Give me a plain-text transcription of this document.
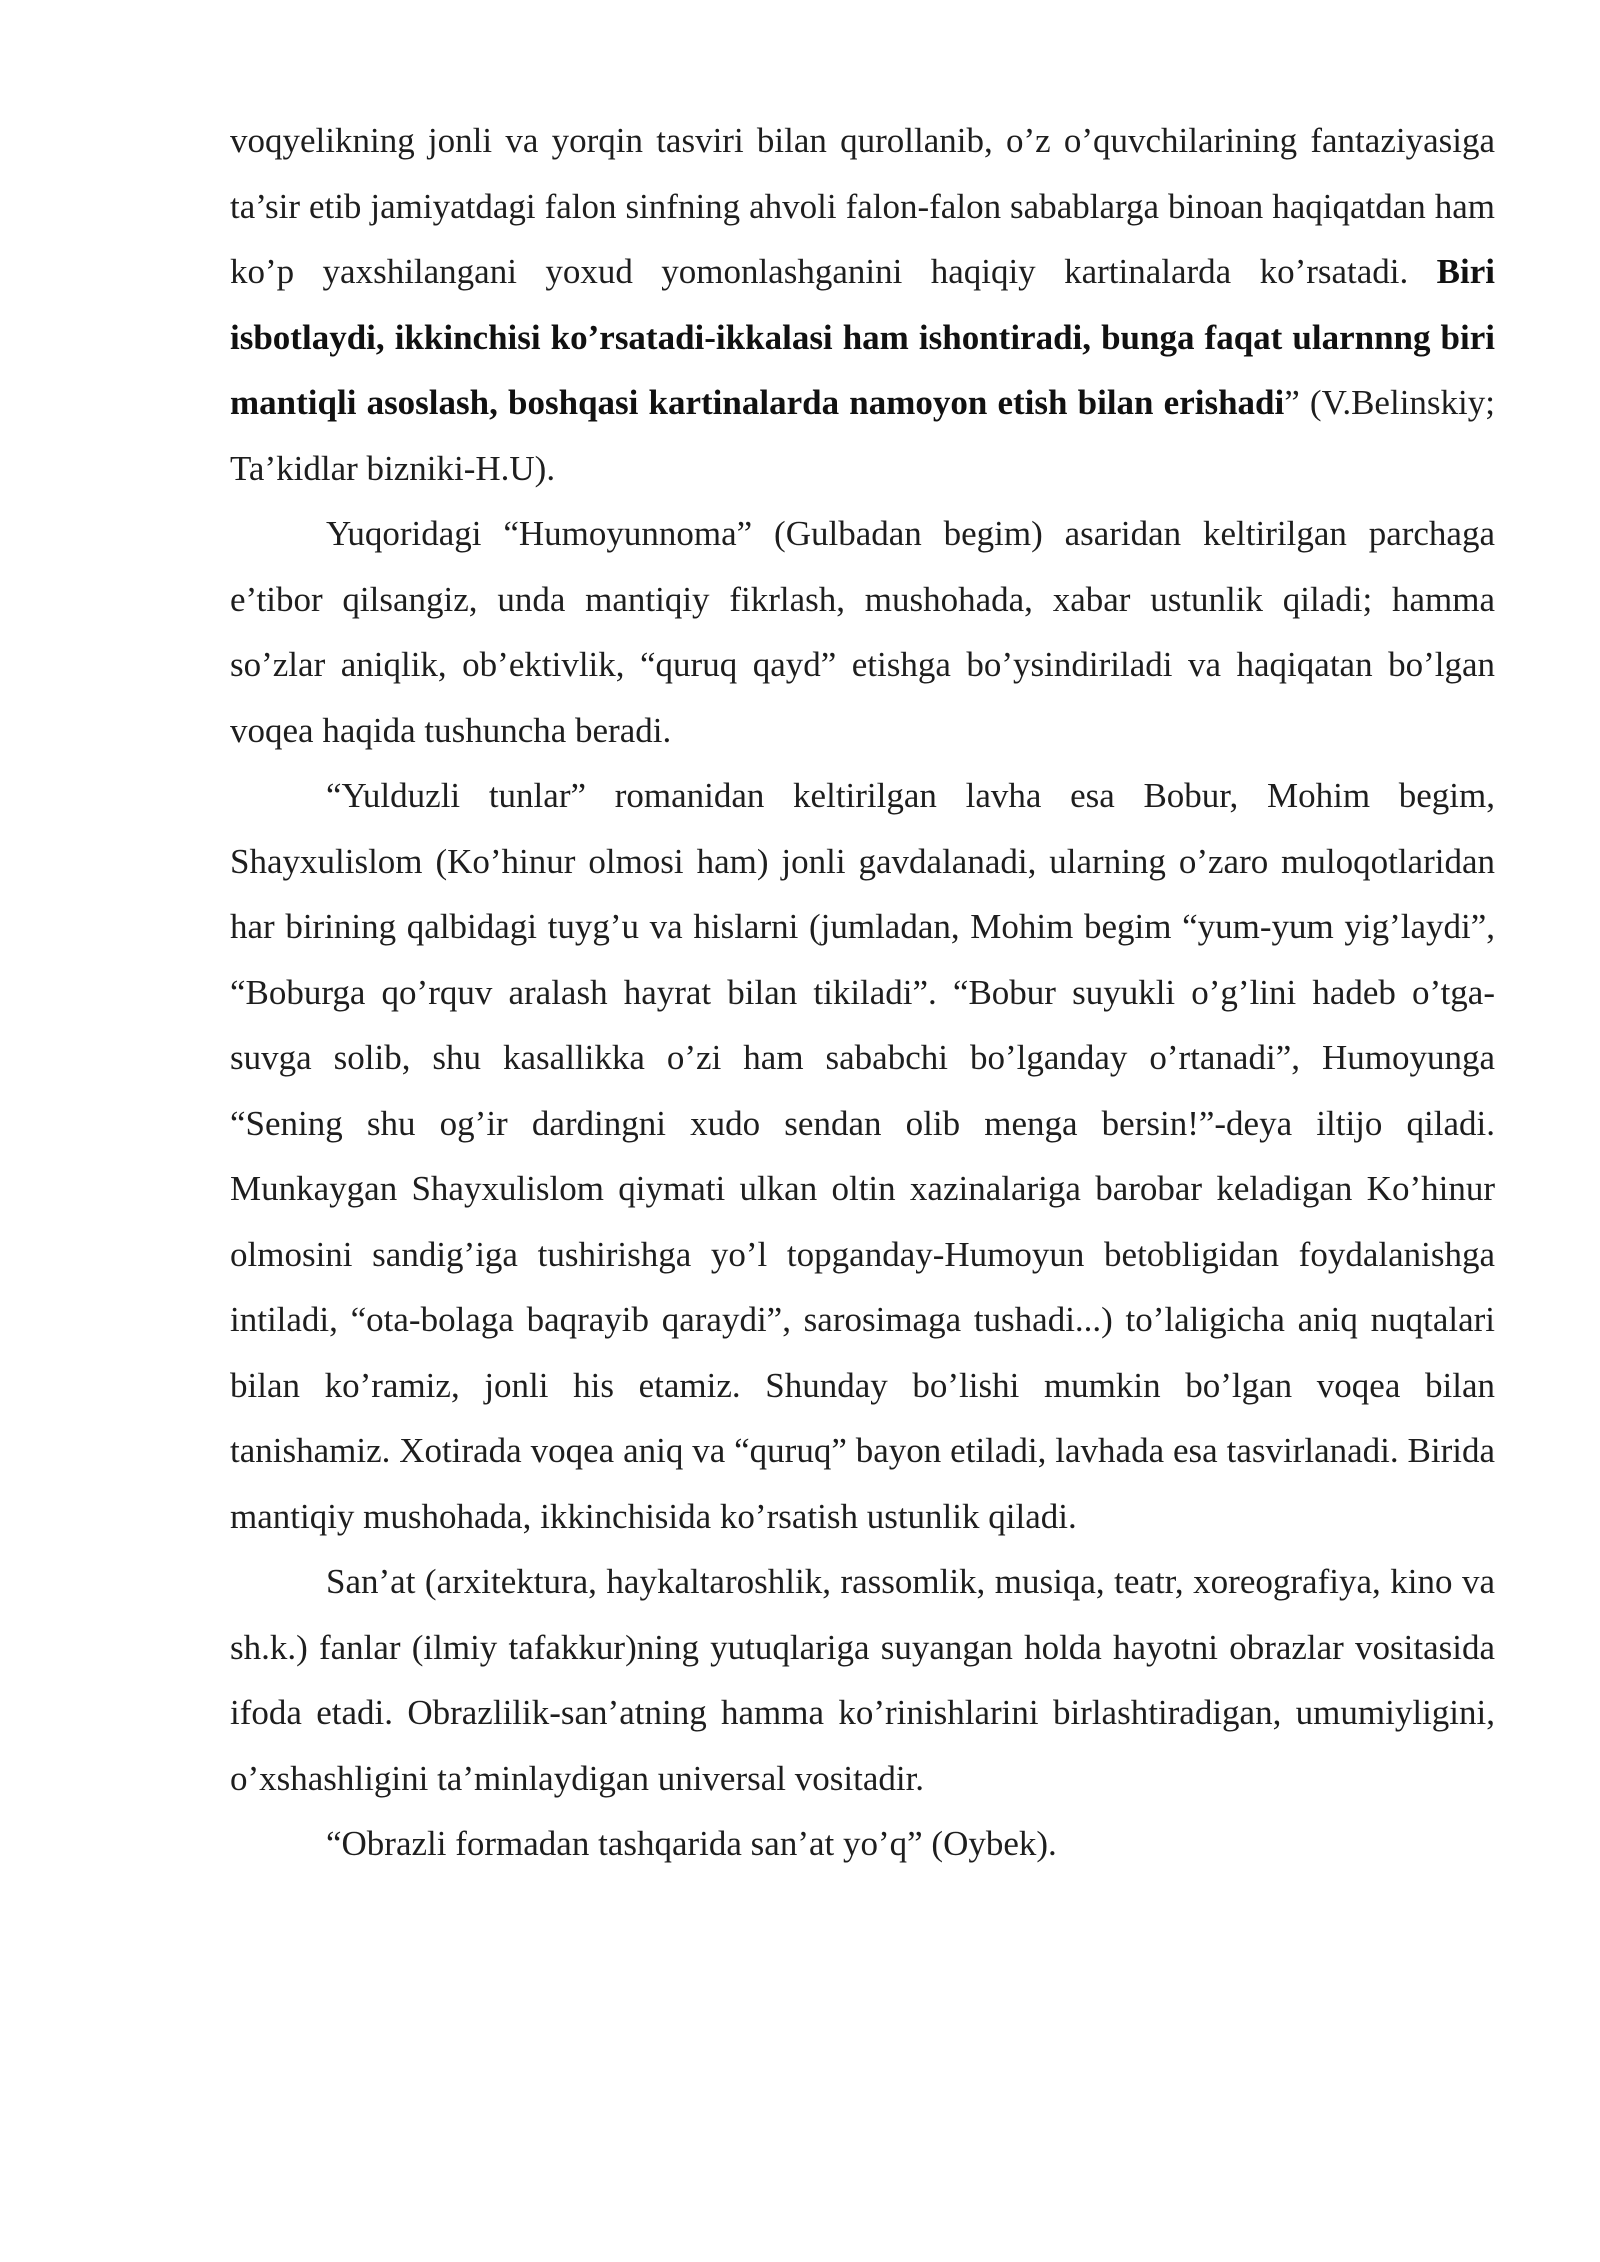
voqyelikning jonli va yorqin tasviri bilan qurollanib, o’z o’quvchilarining fantaziyasiga ta’sir etib jamiyatdagi falon sinfning ahvoli falon-falon sabablarga binoan haqiqatdan ham ko’p yaxshilangani yoxud yomonlashganini haqiqiy kartinalarda ko’rsatadi. Biri isbotlaydi, ikkinchisi ko’rsatadi-ikkalasi ham ishontiradi, bunga faqat ularnnng biri mantiqli asoslash, boshqasi kartinalarda namoyon etish bilan erishadi” (V.Belinskiy; Ta’kidlar bizniki-H.U).

Yuqoridagi “Humoyunnoma” (Gulbadan begim) asaridan keltirilgan parchaga e’tibor qilsangiz, unda mantiqiy fikrlash, mushohada, xabar ustunlik qiladi; hamma so’zlar aniqlik, ob’ektivlik, “quruq qayd” etishga bo’ysindiriladi va haqiqatan bo’lgan voqea haqida tushuncha beradi.

“Yulduzli tunlar” romanidan keltirilgan lavha esa Bobur, Mohim begim, Shayxulislom (Ko’hinur olmosi ham) jonli gavdalanadi, ularning o’zaro muloqotlaridan har birining qalbidagi tuyg’u va hislarni (jumladan, Mohim begim “yum-yum yig’laydi”, “Boburga qo’rquv aralash hayrat bilan tikiladi”. “Bobur suyukli o’g’lini hadeb o’tga-suvga solib, shu kasallikka o’zi ham sababchi bo’lganday o’rtanadi”, Humoyunga “Sening shu og’ir dardingni xudo sendan olib menga bersin!”-deya iltijo qiladi. Munkaygan Shayxulislom qiymati ulkan oltin xazinalariga barobar keladigan Ko’hinur olmosini sandig’iga tushirishga yo’l topganday-Humoyun betobligidan foydalanishga intiladi, “ota-bolaga baqrayib qaraydi”, sarosimaga tushadi...) to’laligicha aniq nuqtalari bilan ko’ramiz, jonli his etamiz. Shunday bo’lishi mumkin bo’lgan voqea bilan tanishamiz. Xotirada voqea aniq va “quruq” bayon etiladi, lavhada esa tasvirlanadi. Birida mantiqiy mushohada, ikkinchisida ko’rsatish ustunlik qiladi.

San’at (arxitektura, haykaltaroshlik, rassomlik, musiqa, teatr, xoreografiya, kino va sh.k.) fanlar (ilmiy tafakkur)ning yutuqlariga suyangan holda hayotni obrazlar vositasida ifoda etadi. Obrazlilik-san’atning hamma ko’rinishlarini birlashtiradigan, umumiyligini, o’xshashligini ta’minlaydigan universal vositadir.

“Obrazli formadan tashqarida san’at yo’q” (Oybek).
